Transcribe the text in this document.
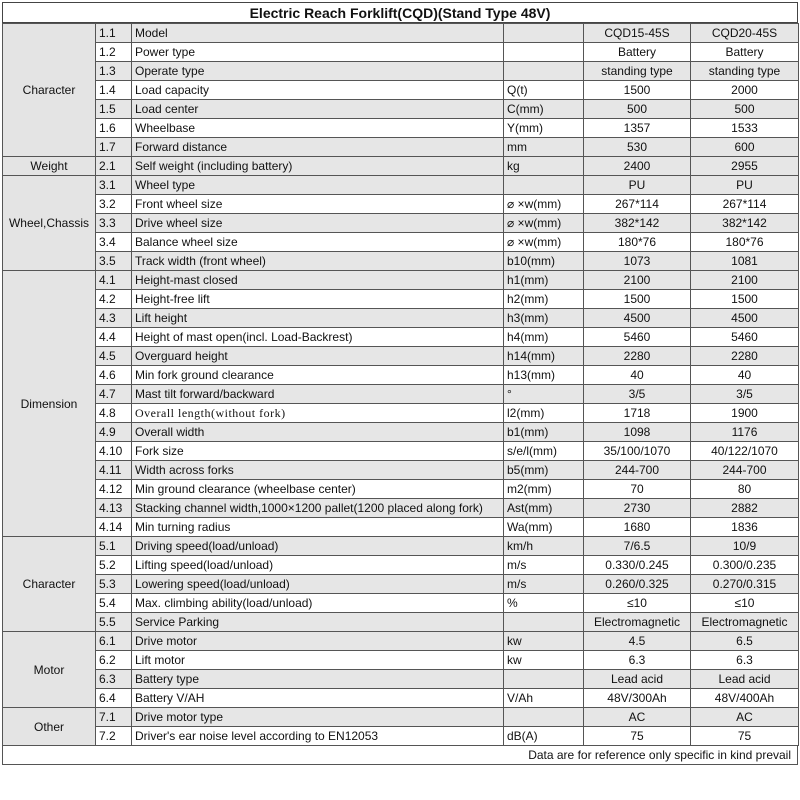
Electric Reach Forklift(CQD)(Stand Type 48V)
Character	1.1	Model		CQD15-45S	CQD20-45S
	1.2	Power type		Battery	Battery
	1.3	Operate type		standing type	standing type
	1.4	Load capacity	Q(t)	1500	2000
	1.5	Load center	C(mm)	500	500
	1.6	Wheelbase	Y(mm)	1357	1533
	1.7	Forward distance	mm	530	600
Weight	2.1	Self weight (including battery)	kg	2400	2955
Wheel,Chassis	3.1	Wheel type		PU	PU
	3.2	Front wheel size	⌀ ×w(mm)	267*114	267*114
	3.3	Drive wheel size	⌀ ×w(mm)	382*142	382*142
	3.4	Balance wheel size	⌀ ×w(mm)	180*76	180*76
	3.5	Track width (front wheel)	b10(mm)	1073	1081
Dimension	4.1	Height-mast closed	h1(mm)	2100	2100
	4.2	Height-free lift	h2(mm)	1500	1500
	4.3	Lift height	h3(mm)	4500	4500
	4.4	Height of mast open(incl. Load-Backrest)	h4(mm)	5460	5460
	4.5	Overguard height	h14(mm)	2280	2280
	4.6	Min fork ground clearance	h13(mm)	40	40
	4.7	Mast tilt forward/backward	°	3/5	3/5
	4.8	Overall length(without fork)	l2(mm)	1718	1900
	4.9	Overall width	b1(mm)	1098	1176
	4.10	Fork size	s/e/l(mm)	35/100/1070	40/122/1070
	4.11	Width across forks	b5(mm)	244-700	244-700
	4.12	Min ground clearance (wheelbase center)	m2(mm)	70	80
	4.13	Stacking channel width,1000×1200 pallet(1200 placed along fork)	Ast(mm)	2730	2882
	4.14	Min turning radius	Wa(mm)	1680	1836
Character	5.1	Driving speed(load/unload)	km/h	7/6.5	10/9
	5.2	Lifting speed(load/unload)	m/s	0.330/0.245	0.300/0.235
	5.3	Lowering speed(load/unload)	m/s	0.260/0.325	0.270/0.315
	5.4	Max. climbing ability(load/unload)	%	≤10	≤10
	5.5	Service Parking		Electromagnetic	Electromagnetic
Motor	6.1	Drive motor	kw	4.5	6.5
	6.2	Lift motor	kw	6.3	6.3
	6.3	Battery type		Lead acid	Lead acid
	6.4	Battery V/AH	V/Ah	48V/300Ah	48V/400Ah
Other	7.1	Drive motor type		AC	AC
	7.2	Driver's ear noise level according to EN12053	dB(A)	75	75
Data are for reference only specific in kind prevail
